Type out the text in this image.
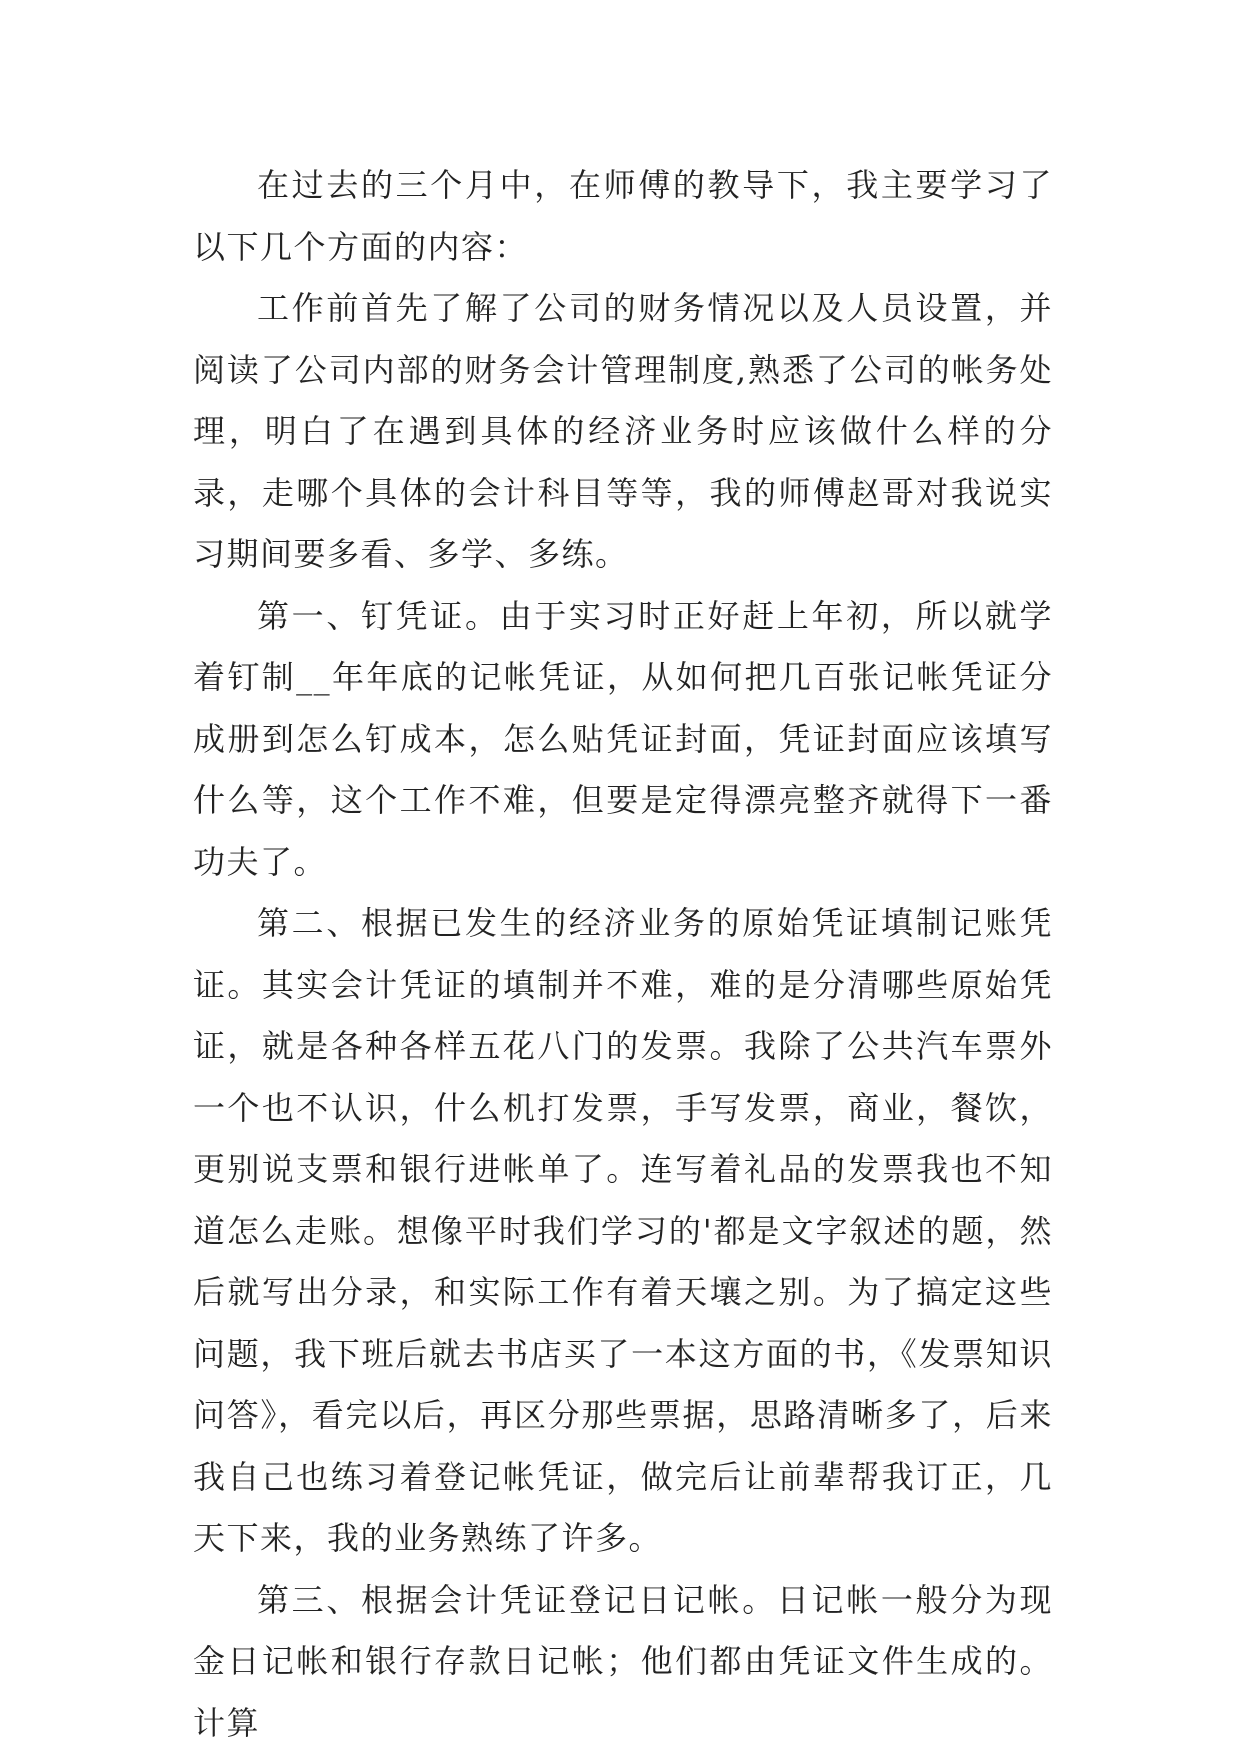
在过去的三个月中，在师傅的教导下，我主要学习了以下几个方面的内容：

工作前首先了解了公司的财务情况以及人员设置，并阅读了公司内部的财务会计管理制度,熟悉了公司的帐务处理，明白了在遇到具体的经济业务时应该做什么样的分录，走哪个具体的会计科目等等，我的师傅赵哥对我说实习期间要多看、多学、多练。

第一、钉凭证。由于实习时正好赶上年初，所以就学着钉制__年年底的记帐凭证，从如何把几百张记帐凭证分成册到怎么钉成本，怎么贴凭证封面，凭证封面应该填写什么等，这个工作不难，但要是定得漂亮整齐就得下一番功夫了。

第二、根据已发生的经济业务的原始凭证填制记账凭证。其实会计凭证的填制并不难，难的是分清哪些原始凭证，就是各种各样五花八门的发票。我除了公共汽车票外一个也不认识，什么机打发票，手写发票，商业，餐饮，更别说支票和银行进帐单了。连写着礼品的发票我也不知道怎么走账。想像平时我们学习的'都是文字叙述的题，然后就写出分录，和实际工作有着天壤之别。为了搞定这些问题，我下班后就去书店买了一本这方面的书，《发票知识问答》，看完以后，再区分那些票据，思路清晰多了，后来我自己也练习着登记帐凭证，做完后让前辈帮我订正，几天下来，我的业务熟练了许多。

第三、根据会计凭证登记日记帐。日记帐一般分为现金日记帐和银行存款日记帐；他们都由凭证文件生成的。计算
